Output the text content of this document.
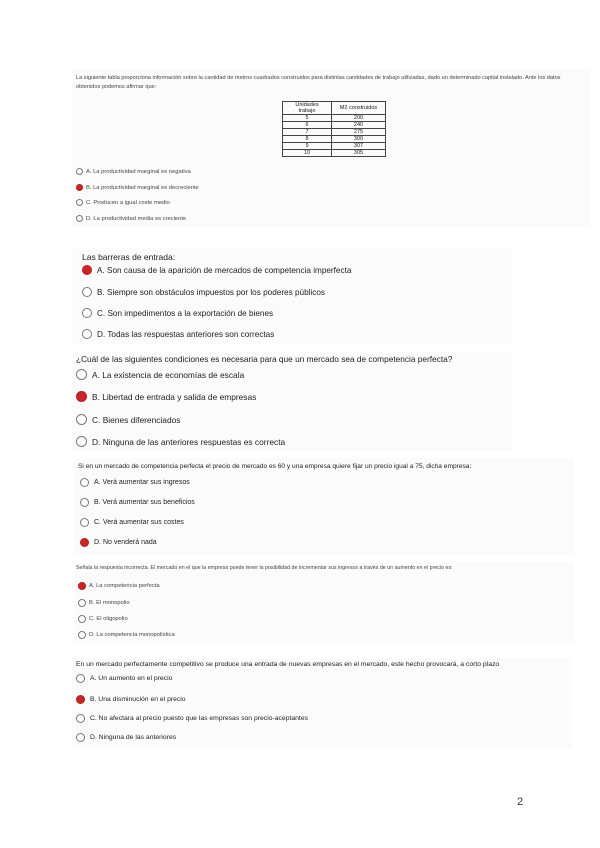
La siguiente tabla proporciona información sobre la cantidad de metros cuadrados construidos para distintas cantidades de trabajo utilizadas, dado un determinado capital instalado. Ante los datos obtenidos podemos afirmar que:

Unidades trabajo	M2 construidos
5	200
6	240
7	275
8	300
9	307
10	305
A. La productividad marginal es negativa
B. La productividad marginal es decreciente
C. Producen a igual coste medio
D. La productividad media es creciente

Las barreras de entrada:

A. Son causa de la aparición de mercados de competencia imperfecta
B. Siempre son obstáculos impuestos por los poderes públicos
C. Son impedimentos a la exportación de bienes
D. Todas las respuestas anteriores son correctas

¿Cuál de las siguientes condiciones es necesaria para que un mercado sea de competencia perfecta?

A. La existencia de economías de escala
B. Libertad de entrada y salida de empresas
C. Bienes diferenciados
D. Ninguna de las anteriores respuestas es correcta

Si en un mercado de competencia perfecta el precio de mercado es 60 y una empresa quiere fijar un precio igual a 75, dicha empresa:

A. Verá aumentar sus ingresos
B. Verá aumentar sus beneficios
C. Verá aumentar sus costes
D. No venderá nada

Señala la respuesta incorrecta. El mercado en el que la empresa puede tener la posibilidad de incrementar sus ingresos a través de un aumento en el precio es:

A. La competencia perfecta
B. El monopolio
C. El oligopolio
D. La competencia monopolística

En un mercado perfectamente competitivo se produce una entrada de nuevas empresas en el mercado, este hecho provocará, a corto plazo

A. Un aumento en el precio
B. Una disminución en el precio
C. No afectara al precio puesto que las empresas son precio-aceptantes
D. Ninguna de las anteriores
2
